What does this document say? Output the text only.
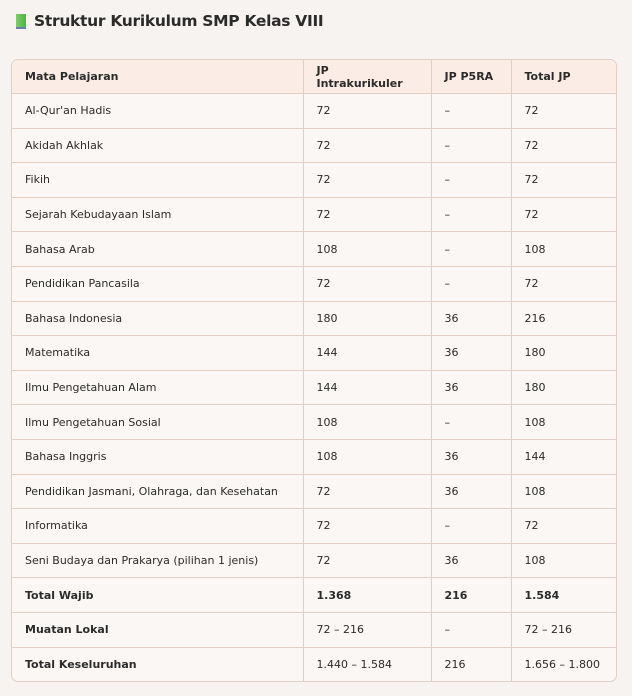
Struktur Kurikulum SMP Kelas VIII
Mata Pelajaran	JP Intrakurikuler	JP P5RA	Total JP
Al-Qur'an Hadis	72	–	72
Akidah Akhlak	72	–	72
Fikih	72	–	72
Sejarah Kebudayaan Islam	72	–	72
Bahasa Arab	108	–	108
Pendidikan Pancasila	72	–	72
Bahasa Indonesia	180	36	216
Matematika	144	36	180
Ilmu Pengetahuan Alam	144	36	180
Ilmu Pengetahuan Sosial	108	–	108
Bahasa Inggris	108	36	144
Pendidikan Jasmani, Olahraga, dan Kesehatan	72	36	108
Informatika	72	–	72
Seni Budaya dan Prakarya (pilihan 1 jenis)	72	36	108
Total Wajib	1.368	216	1.584
Muatan Lokal	72 – 216	–	72 – 216
Total Keseluruhan	1.440 – 1.584	216	1.656 – 1.800
